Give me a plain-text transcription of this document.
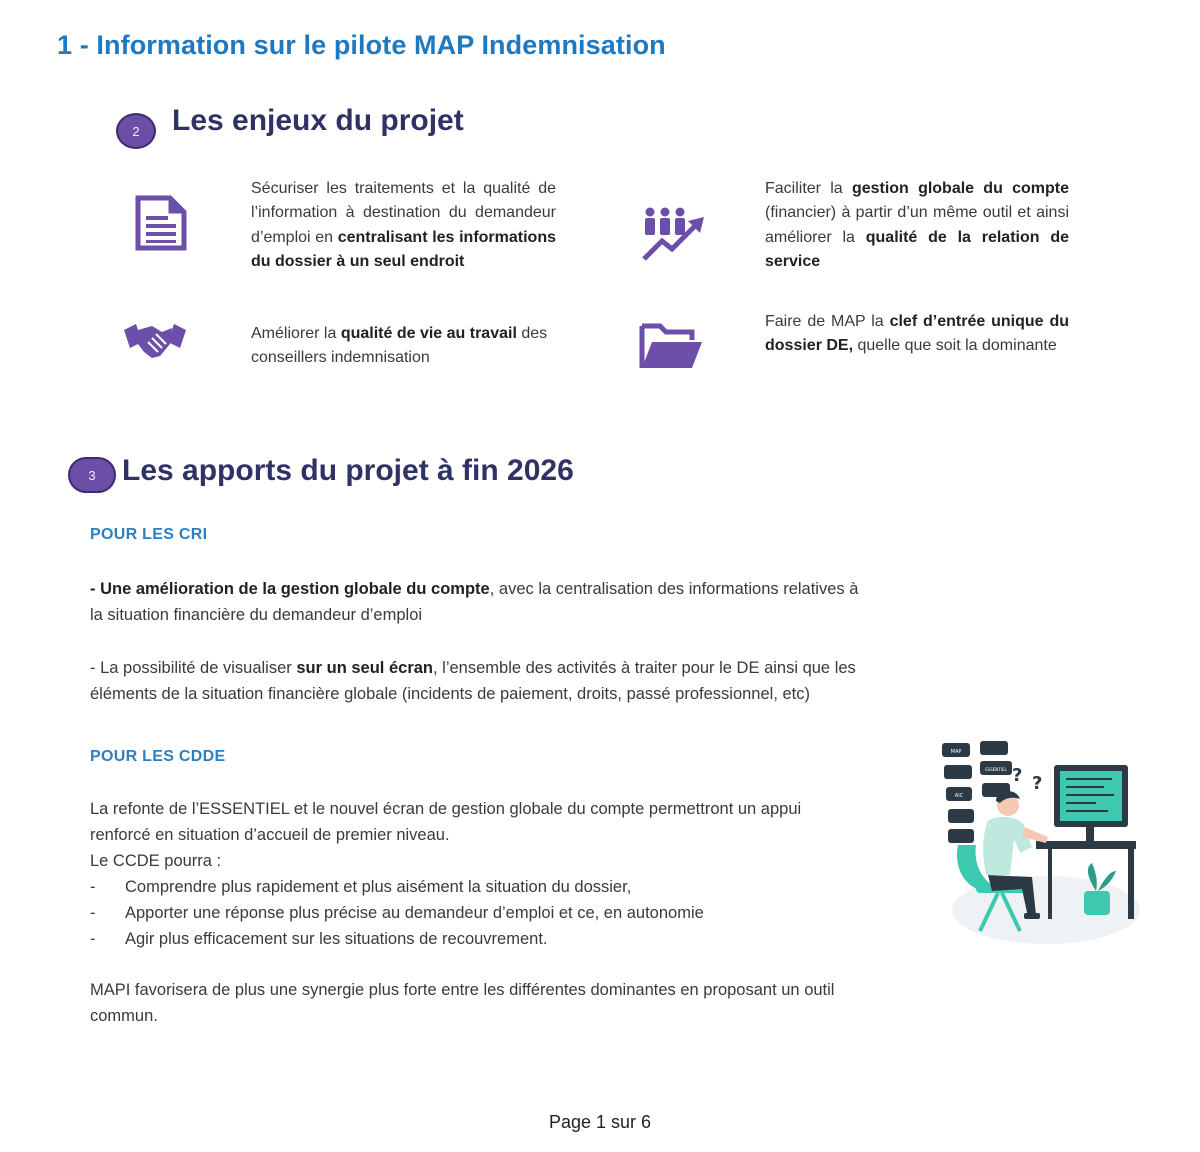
1 - Information sur le pilote MAP Indemnisation
2	Les enjeux du projet
Sécuriser les traitements et la qualité de l’information à destination du demandeur d’emploi en centralisant les informations du dossier à un seul endroit
Faciliter la gestion globale du compte (financier) à partir d’un même outil et ainsi améliorer la qualité de la relation de service
Améliorer la qualité de vie au travail des conseillers indemnisation
Faire de MAP la clef d’entrée unique du dossier DE, quelle que soit la dominante
3 Les apports du projet à fin 2026
POUR LES CRI
- Une amélioration de la gestion globale du compte, avec la centralisation des informations relatives à
la situation financière du demandeur d’emploi
- La possibilité de visualiser sur un seul écran, l’ensemble des activités à traiter pour le DE ainsi que les
éléments de la situation financière globale (incidents de paiement, droits, passé professionnel, etc)
POUR LES CDDE
La refonte de l’ESSENTIEL et le nouvel écran de gestion globale du compte permettront un appui
renforcé en situation d’accueil de premier niveau.
Le CCDE pourra :
- Comprendre plus rapidement et plus aisément la situation du dossier,
- Apporter une réponse plus précise au demandeur d’emploi et ce, en autonomie
- Agir plus efficacement sur les situations de recouvrement.
MAPI favorisera de plus une synergie plus forte entre les différentes dominantes en proposant un outil
commun.
MAP
ESSENTIEL
AIC
? ?
Page 1 sur 6
